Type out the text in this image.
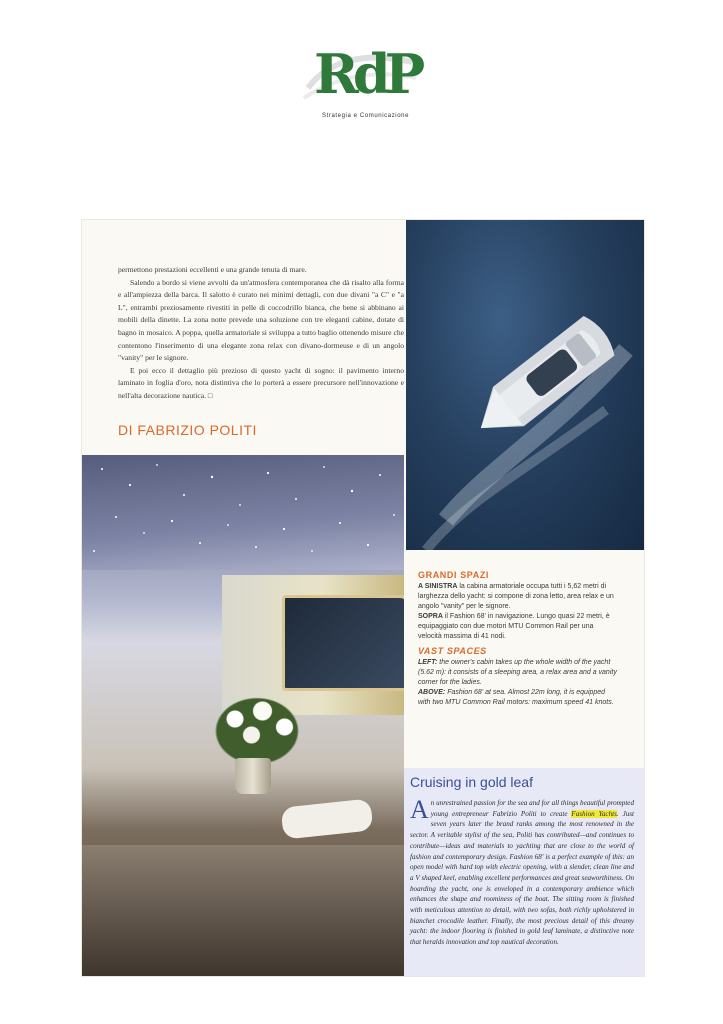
RdP
Strategia e Comunicazione

permettono prestazioni eccellenti e una grande tenuta di mare.

Salendo a bordo si viene avvolti da un'atmosfera contemporanea che dà risalto alla forma e all'ampiezza della barca. Il salotto è curato nei minimi dettagli, con due divani "a C" e "a L", entrambi preziosamente rivestiti in pelle di coccodrillo bianca, che bene si abbinano ai mobili della dinette. La zona notte prevede una soluzione con tre eleganti cabine, dotate di bagno in mosaico. A poppa, quella armatoriale si sviluppa a tutto baglio ottenendo misure che contentono l'inserimento di una elegante zona relax con divano-dormeuse e di un angolo "vanity" per le signore.

E poi ecco il dettaglio più prezioso di questo yacht di sogno: il pavimento interno laminato in foglia d'oro, nota distintiva che lo porterà a essere precursore nell'innovazione e nell'alta decorazione nautica. □

DI FABRIZIO POLITI
GRANDI SPAZI
A SINISTRA la cabina armatoriale occupa tutti i 5,62 metri di larghezza dello yacht: si compone di zona letto, area relax e un angolo "vanity" per le signore.
SOPRA il Fashion 68' in navigazione. Lungo quasi 22 metri, è equipaggiato con due motori MTU Common Rail per una velocità massima di 41 nodi.
VAST SPACES
LEFT: the owner's cabin takes up the whole width of the yacht (5.62 m): it consists of a sleeping area, a relax area and a vanity corner for the ladies.
ABOVE: Fashion 68' at sea. Almost 22m long, it is equipped with two MTU Common Rail motors: maximum speed 41 knots.
Cruising in gold leaf
An unrestrained passion for the sea and for all things beautiful prompted young entrepreneur Fabrizio Politi to create Fashion Yachts. Just seven years later the brand ranks among the most renowned in the sector. A veritable stylist of the sea, Politi has contributed—and continues to contribute—ideas and materials to yachting that are close to the world of fashion and contemporary design. Fashion 68' is a perfect example of this: an open model with hard top with electric opening, with a slender, clean line and a V shaped keel, enabling excellent performances and great seaworthiness. On boarding the yacht, one is enveloped in a contemporary ambience which enhances the shape and roominess of the boat. The sitting room is finished with meticulous attention to detail, with two sofas, both richly upholstered in bianchet crocodile leather. Finally, the most precious detail of this dreamy yacht: the indoor flooring is finished in gold leaf laminate, a distinctive note that heralds innovation and top nautical decoration.
